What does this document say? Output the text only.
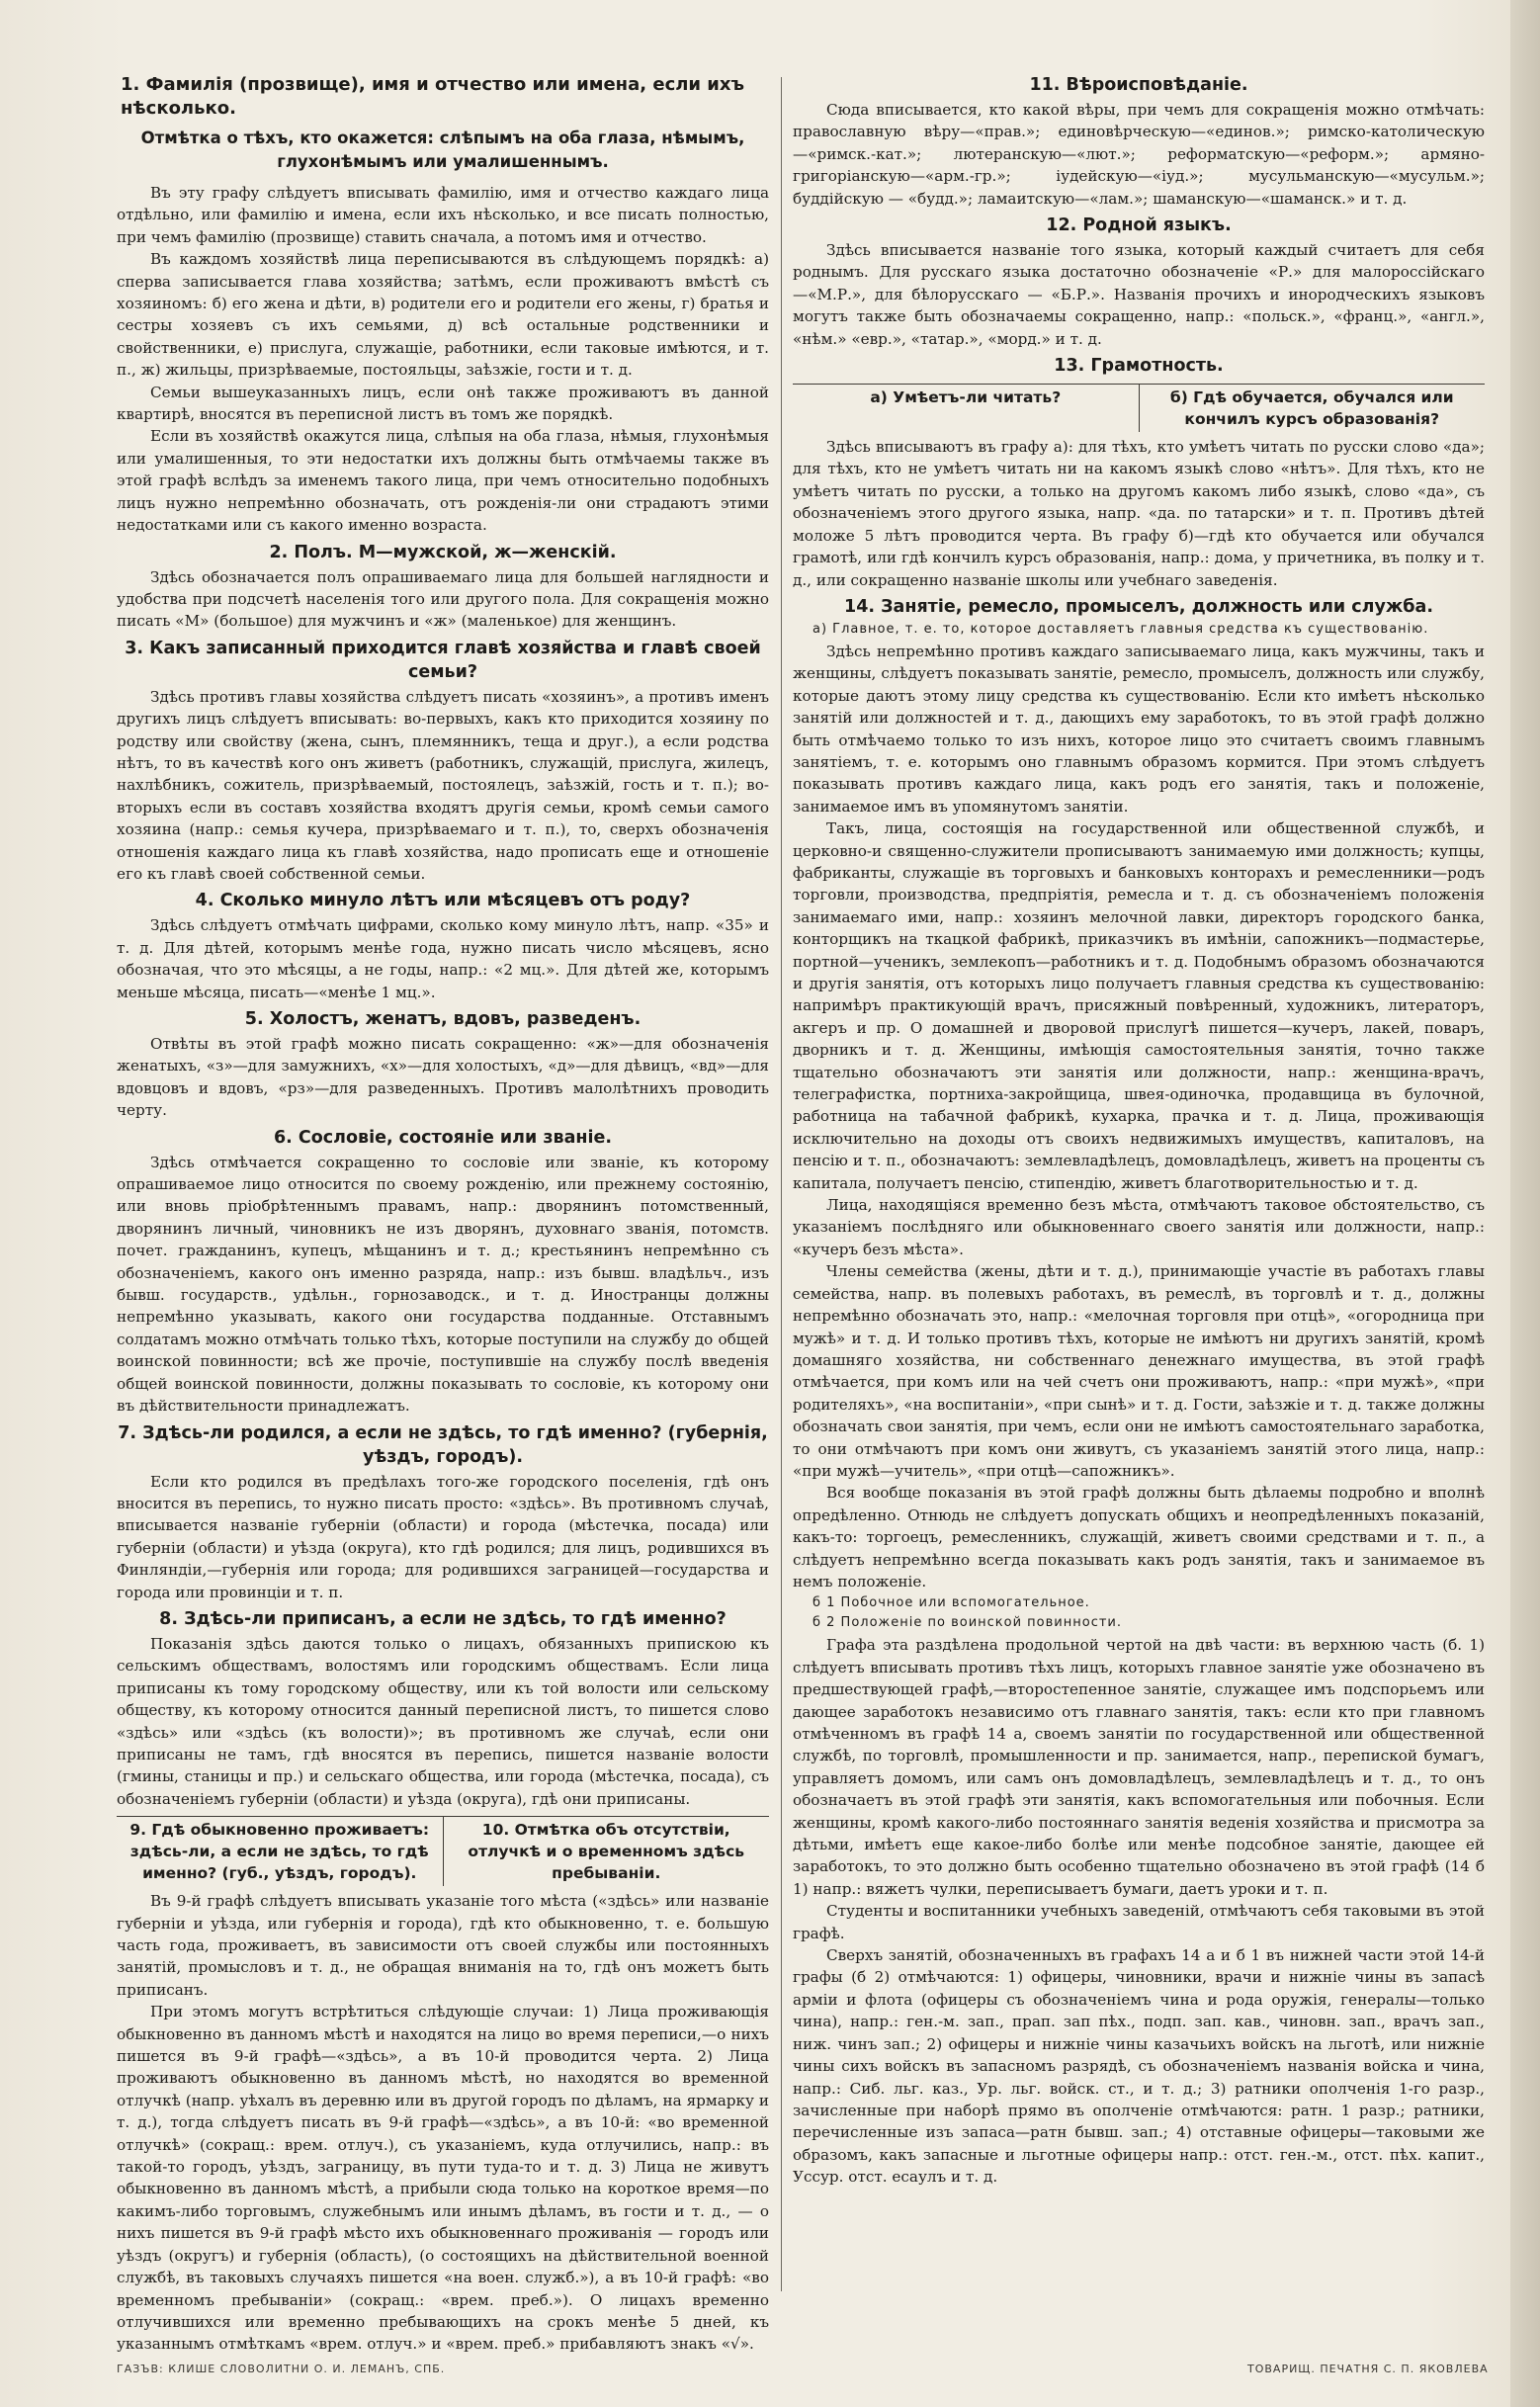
1. Фамилія (прозвище), имя и отчество или имена, если ихъ нѣсколько.
Отмѣтка о тѣхъ, кто окажется: слѣпымъ на оба глаза, нѣмымъ, глухонѣмымъ или умалишеннымъ.

Въ эту графу слѣдуетъ вписывать фамилію, имя и отчество каждаго лица отдѣльно, или фамилію и имена, если ихъ нѣсколько, и все писать полностью, при чемъ фамилію (прозвище) ставить сначала, а потомъ имя и отчество.

Въ каждомъ хозяйствѣ лица переписываются въ слѣдующемъ порядкѣ: а) сперва записывается глава хозяйства; затѣмъ, если проживаютъ вмѣстѣ съ хозяиномъ: б) его жена и дѣти, в) родители его и родители его жены, г) братья и сестры хозяевъ съ ихъ семьями, д) всѣ остальные родственники и свойственники, е) прислуга, служащіе, работники, если таковые имѣются, и т. п., ж) жильцы, призрѣваемые, постояльцы, заѣзжіе, гости и т. д.

Семьи вышеуказанныхъ лицъ, если онѣ также проживаютъ въ данной квартирѣ, вносятся въ переписной листъ въ томъ же порядкѣ.

Если въ хозяйствѣ окажутся лица, слѣпыя на оба глаза, нѣмыя, глухонѣмыя или умалишенныя, то эти недостатки ихъ должны быть отмѣчаемы также въ этой графѣ вслѣдъ за именемъ такого лица, при чемъ относительно подобныхъ лицъ нужно непремѣнно обозначать, отъ рожденія-ли они страдаютъ этими недостатками или съ какого именно возраста.

2. Полъ. М—мужской, ж—женскій.

Здѣсь обозначается полъ опрашиваемаго лица для большей наглядности и удобства при подсчетѣ населенія того или другого пола. Для сокращенія можно писать «М» (большое) для мужчинъ и «ж» (маленькое) для женщинъ.

3. Какъ записанный приходится главѣ хозяйства и главѣ своей семьи?

Здѣсь противъ главы хозяйства слѣдуетъ писать «хозяинъ», а противъ именъ другихъ лицъ слѣдуетъ вписывать: во-первыхъ, какъ кто приходится хозяину по родству или свойству (жена, сынъ, племянникъ, теща и друг.), а если родства нѣтъ, то въ качествѣ кого онъ живетъ (работникъ, служащій, прислуга, жилецъ, нахлѣбникъ, сожитель, призрѣваемый, постоялецъ, заѣзжій, гость и т. п.); во-вторыхъ если въ составъ хозяйства входятъ другія семьи, кромѣ семьи самого хозяина (напр.: семья кучера, призрѣваемаго и т. п.), то, сверхъ обозначенія отношенія каждаго лица къ главѣ хозяйства, надо прописать еще и отношеніе его къ главѣ своей собственной семьи.

4. Сколько минуло лѣтъ или мѣсяцевъ отъ роду?

Здѣсь слѣдуетъ отмѣчать цифрами, сколько кому минуло лѣтъ, напр. «35» и т. д. Для дѣтей, которымъ менѣе года, нужно писать число мѣсяцевъ, ясно обозначая, что это мѣсяцы, а не годы, напр.: «2 мц.». Для дѣтей же, которымъ меньше мѣсяца, писать—«менѣе 1 мц.».

5. Холостъ, женатъ, вдовъ, разведенъ.

Отвѣты въ этой графѣ можно писать сокращенно: «ж»—для обозначенія женатыхъ, «з»—для замужнихъ, «х»—для холостыхъ, «д»—для дѣвицъ, «вд»—для вдовцовъ и вдовъ, «рз»—для разведенныхъ. Противъ малолѣтнихъ проводить черту.

6. Сословіе, состояніе или званіе.

Здѣсь отмѣчается сокращенно то сословіе или званіе, къ которому опрашиваемое лицо относится по своему рожденію, или прежнему состоянію, или вновь пріобрѣтеннымъ правамъ, напр.: дворянинъ потомственный, дворянинъ личный, чиновникъ не изъ дворянъ, духовнаго званія, потомств. почет. гражданинъ, купецъ, мѣщанинъ и т. д.; крестьянинъ непремѣнно съ обозначеніемъ, какого онъ именно разряда, напр.: изъ бывш. владѣльч., изъ бывш. государств., удѣльн., горнозаводск., и т. д. Иностранцы должны непремѣнно указывать, какого они государства подданные. Отставнымъ солдатамъ можно отмѣчать только тѣхъ, которые поступили на службу до общей воинской повинности; всѣ же прочіе, поступившіе на службу послѣ введенія общей воинской повинности, должны показывать то сословіе, къ которому они въ дѣйствительности принадлежатъ.

7. Здѣсь-ли родился, а если не здѣсь, то гдѣ именно? (губернія, уѣздъ, городъ).

Если кто родился въ предѣлахъ того-же городского поселенія, гдѣ онъ вносится въ перепись, то нужно писать просто: «здѣсь». Въ противномъ случаѣ, вписывается названіе губерніи (области) и города (мѣстечка, посада) или губерніи (области) и уѣзда (округа), кто гдѣ родился; для лицъ, родившихся въ Финляндіи,—губернія или города; для родившихся заграницей—государства и города или провинціи и т. п.

8. Здѣсь-ли приписанъ, а если не здѣсь, то гдѣ именно?

Показанія здѣсь даются только о лицахъ, обязанныхъ припискою къ сельскимъ обществамъ, волостямъ или городскимъ обществамъ. Если лица приписаны къ тому городскому обществу, или къ той волости или сельскому обществу, къ которому относится данный переписной листъ, то пишется слово «здѣсь» или «здѣсь (къ волости)»; въ противномъ же случаѣ, если они приписаны не тамъ, гдѣ вносятся въ перепись, пишется названіе волости (гмины, станицы и пр.) и сельскаго общества, или города (мѣстечка, посада), съ обозначеніемъ губерніи (области) и уѣзда (округа), гдѣ они приписаны.

9. Гдѣ обыкновенно проживаетъ: здѣсь-ли, а если не здѣсь, то гдѣ именно? (губ., уѣздъ, городъ).
10. Отмѣтка объ отсутствіи, отлучкѣ и о временномъ здѣсь пребываніи.

Въ 9-й графѣ слѣдуетъ вписывать указаніе того мѣста («здѣсь» или названіе губерніи и уѣзда, или губернія и города), гдѣ кто обыкновенно, т. е. большую часть года, проживаетъ, въ зависимости отъ своей службы или постоянныхъ занятій, промысловъ и т. д., не обращая вниманія на то, гдѣ онъ можетъ быть приписанъ.

При этомъ могутъ встрѣтиться слѣдующіе случаи: 1) Лица проживающія обыкновенно въ данномъ мѣстѣ и находятся на лицо во время переписи,—о нихъ пишется въ 9-й графѣ—«здѣсь», а въ 10-й проводится черта. 2) Лица проживаютъ обыкновенно въ данномъ мѣстѣ, но находятся во временной отлучкѣ (напр. уѣхалъ въ деревню или въ другой городъ по дѣламъ, на ярмарку и т. д.), тогда слѣдуетъ писать въ 9-й графѣ—«здѣсь», а въ 10-й: «во временной отлучкѣ» (сокращ.: врем. отлуч.), съ указаніемъ, куда отлучились, напр.: въ такой-то городъ, уѣздъ, заграницу, въ пути туда-то и т. д. 3) Лица не живутъ обыкновенно въ данномъ мѣстѣ, а прибыли сюда только на короткое время—по какимъ-либо торговымъ, служебнымъ или инымъ дѣламъ, въ гости и т. д., — о нихъ пишется въ 9-й графѣ мѣсто ихъ обыкновеннаго проживанія — городъ или уѣздъ (округъ) и губернія (область), (о состоящихъ на дѣйствительной военной службѣ, въ таковыхъ случаяхъ пишется «на воен. служб.»), а въ 10-й графѣ: «во временномъ пребываніи» (сокращ.: «врем. преб.»). О лицахъ временно отлучившихся или временно пребывающихъ на срокъ менѣе 5 дней, къ указаннымъ отмѣткамъ «врем. отлуч.» и «врем. преб.» прибавляютъ знакъ «√».

11. Вѣроисповѣданіе.

Сюда вписывается, кто какой вѣры, при чемъ для сокращенія можно отмѣчать: православную вѣру—«прав.»; единовѣрческую—«единов.»; римско-католическую—«римск.-кат.»; лютеранскую—«лют.»; реформатскую—«реформ.»; армяно-григоріанскую—«арм.-гр.»; іудейскую—«іуд.»; мусульманскую—«мусульм.»; буддійскую — «будд.»; ламаитскую—«лам.»; шаманскую—«шаманск.» и т. д.

12. Родной языкъ.

Здѣсь вписывается названіе того языка, который каждый считаетъ для себя роднымъ. Для русскаго языка достаточно обозначеніе «Р.» для малороссійскаго—«М.Р.», для бѣлорусскаго — «Б.Р.». Названія прочихъ и инородческихъ языковъ могутъ также быть обозначаемы сокращенно, напр.: «польск.», «франц.», «англ.», «нѣм.» «евр.», «татар.», «морд.» и т. д.

13. Грамотность.
а) Умѣетъ-ли читать?	б) Гдѣ обучается, обучался или кончилъ курсъ образованія?

Здѣсь вписываютъ въ графу а): для тѣхъ, кто умѣетъ читать по русски слово «да»; для тѣхъ, кто не умѣетъ читать ни на какомъ языкѣ слово «нѣтъ». Для тѣхъ, кто не умѣетъ читать по русски, а только на другомъ какомъ либо языкѣ, слово «да», съ обозначеніемъ этого другого языка, напр. «да. по татарски» и т. п. Противъ дѣтей моложе 5 лѣтъ проводится черта. Въ графу б)—гдѣ кто обучается или обучался грамотѣ, или гдѣ кончилъ курсъ образованія, напр.: дома, у причетника, въ полку и т. д., или сокращенно названіе школы или учебнаго заведенія.

14. Занятіе, ремесло, промыселъ, должность или служба.
а) Главное, т. е. то, которое доставляетъ главныя средства къ существованію.

Здѣсь непремѣнно противъ каждаго записываемаго лица, какъ мужчины, такъ и женщины, слѣдуетъ показывать занятіе, ремесло, промыселъ, должность или службу, которые даютъ этому лицу средства къ существованію. Если кто имѣетъ нѣсколько занятій или должностей и т. д., дающихъ ему заработокъ, то въ этой графѣ должно быть отмѣчаемо только то изъ нихъ, которое лицо это считаетъ своимъ главнымъ занятіемъ, т. е. которымъ оно главнымъ образомъ кормится. При этомъ слѣдуетъ показывать противъ каждаго лица, какъ родъ его занятія, такъ и положеніе, занимаемое имъ въ упомянутомъ занятіи.

Такъ, лица, состоящія на государственной или общественной службѣ, и церковно-и священно-служители прописываютъ занимаемую ими должность; купцы, фабриканты, служащіе въ торговыхъ и банковыхъ конторахъ и ремесленники—родъ торговли, производства, предпріятія, ремесла и т. д. съ обозначеніемъ положенія занимаемаго ими, напр.: хозяинъ мелочной лавки, директоръ городского банка, конторщикъ на ткацкой фабрикѣ, приказчикъ въ имѣніи, сапожникъ—подмастерье, портной—ученикъ, землекопъ—работникъ и т. д. Подобнымъ образомъ обозначаются и другія занятія, отъ которыхъ лицо получаетъ главныя средства къ существованію: напримѣръ практикующій врачъ, присяжный повѣренный, художникъ, литераторъ, акгеръ и пр. О домашней и дворовой прислугѣ пишется—кучеръ, лакей, поваръ, дворникъ и т. д. Женщины, имѣющія самостоятельныя занятія, точно также тщательно обозначаютъ эти занятія или должности, напр.: женщина-врачъ, телеграфистка, портниха-закройщица, швея-одиночка, продавщица въ булочной, работница на табачной фабрикѣ, кухарка, прачка и т. д. Лица, проживающія исключительно на доходы отъ своихъ недвижимыхъ имуществъ, капиталовъ, на пенсію и т. п., обозначаютъ: землевладѣлецъ, домовладѣлецъ, живетъ на проценты съ капитала, получаетъ пенсію, стипендію, живетъ благотворительностью и т. д.

Лица, находящіяся временно безъ мѣста, отмѣчаютъ таковое обстоятельство, съ указаніемъ послѣдняго или обыкновеннаго своего занятія или должности, напр.: «кучеръ безъ мѣста».

Члены семейства (жены, дѣти и т. д.), принимающіе участіе въ работахъ главы семейства, напр. въ полевыхъ работахъ, въ ремеслѣ, въ торговлѣ и т. д., должны непремѣнно обозначать это, напр.: «мелочная торговля при отцѣ», «огородница при мужѣ» и т. д. И только противъ тѣхъ, которые не имѣютъ ни другихъ занятій, кромѣ домашняго хозяйства, ни собственнаго денежнаго имущества, въ этой графѣ отмѣчается, при комъ или на чей счетъ они проживаютъ, напр.: «при мужѣ», «при родителяхъ», «на воспитаніи», «при сынѣ» и т. д. Гости, заѣзжіе и т. д. также должны обозначать свои занятія, при чемъ, если они не имѣютъ самостоятельнаго заработка, то они отмѣчаютъ при комъ они живутъ, съ указаніемъ занятій этого лица, напр.: «при мужѣ—учитель», «при отцѣ—сапожникъ».

Вся вообще показанія въ этой графѣ должны быть дѣлаемы подробно и вполнѣ опредѣленно. Отнюдь не слѣдуетъ допускать общихъ и неопредѣленныхъ показаній, какъ-то: торгоецъ, ремесленникъ, служащій, живетъ своими средствами и т. п., а слѣдуетъ непремѣнно всегда показывать какъ родъ занятія, такъ и занимаемое въ немъ положеніе.

б 1 Побочное или вспомогательное.
б 2 Положеніе по воинской повинности.

Графа эта раздѣлена продольной чертой на двѣ части: въ верхнюю часть (б. 1) слѣдуетъ вписывать противъ тѣхъ лицъ, которыхъ главное занятіе уже обозначено въ предшествующей графѣ,—второстепенное занятіе, служащее имъ подспорьемъ или дающее заработокъ независимо отъ главнаго занятія, такъ: если кто при главномъ отмѣченномъ въ графѣ 14 а, своемъ занятіи по государственной или общественной службѣ, по торговлѣ, промышленности и пр. занимается, напр., перепиской бумагъ, управляетъ домомъ, или самъ онъ домовладѣлецъ, землевладѣлецъ и т. д., то онъ обозначаетъ въ этой графѣ эти занятія, какъ вспомогательныя или побочныя. Если женщины, кромѣ какого-либо постояннаго занятія веденія хозяйства и присмотра за дѣтьми, имѣетъ еще какое-либо болѣе или менѣе подсобное занятіе, дающее ей заработокъ, то это должно быть особенно тщательно обозначено въ этой графѣ (14 б 1) напр.: вяжетъ чулки, переписываетъ бумаги, даетъ уроки и т. п.

Студенты и воспитанники учебныхъ заведеній, отмѣчаютъ себя таковыми въ этой графѣ.

Сверхъ занятій, обозначенныхъ въ графахъ 14 а и б 1 въ нижней части этой 14-й графы (б 2) отмѣчаются: 1) офицеры, чиновники, врачи и нижніе чины въ запасѣ арміи и флота (офицеры съ обозначеніемъ чина и рода оружія, генералы—только чина), напр.: ген.-м. зап., прап. зап пѣх., подп. зап. кав., чиновн. зап., врачъ зап., ниж. чинъ зап.; 2) офицеры и нижніе чины казачьихъ войскъ на льготѣ, или нижніе чины сихъ войскъ въ запасномъ разрядѣ, съ обозначеніемъ названія войска и чина, напр.: Сиб. льг. каз., Ур. льг. войск. ст., и т. д.; 3) ратники ополченія 1-го разр., зачисленные при наборѣ прямо въ ополченіе отмѣчаются: ратн. 1 разр.; ратники, перечисленные изъ запаса—ратн бывш. зап.; 4) отставные офицеры—таковыми же образомъ, какъ запасные и льготные офицеры напр.: отст. ген.-м., отст. пѣх. капит., Уссур. отст. есаулъ и т. д.

ГАЗЪВ: КЛИШЕ СЛОВОЛИТНИ О. И. ЛЕМАНЪ, СПБ.	ТОВАРИЩ. ПЕЧАТНЯ С. П. ЯКОВЛЕВА
